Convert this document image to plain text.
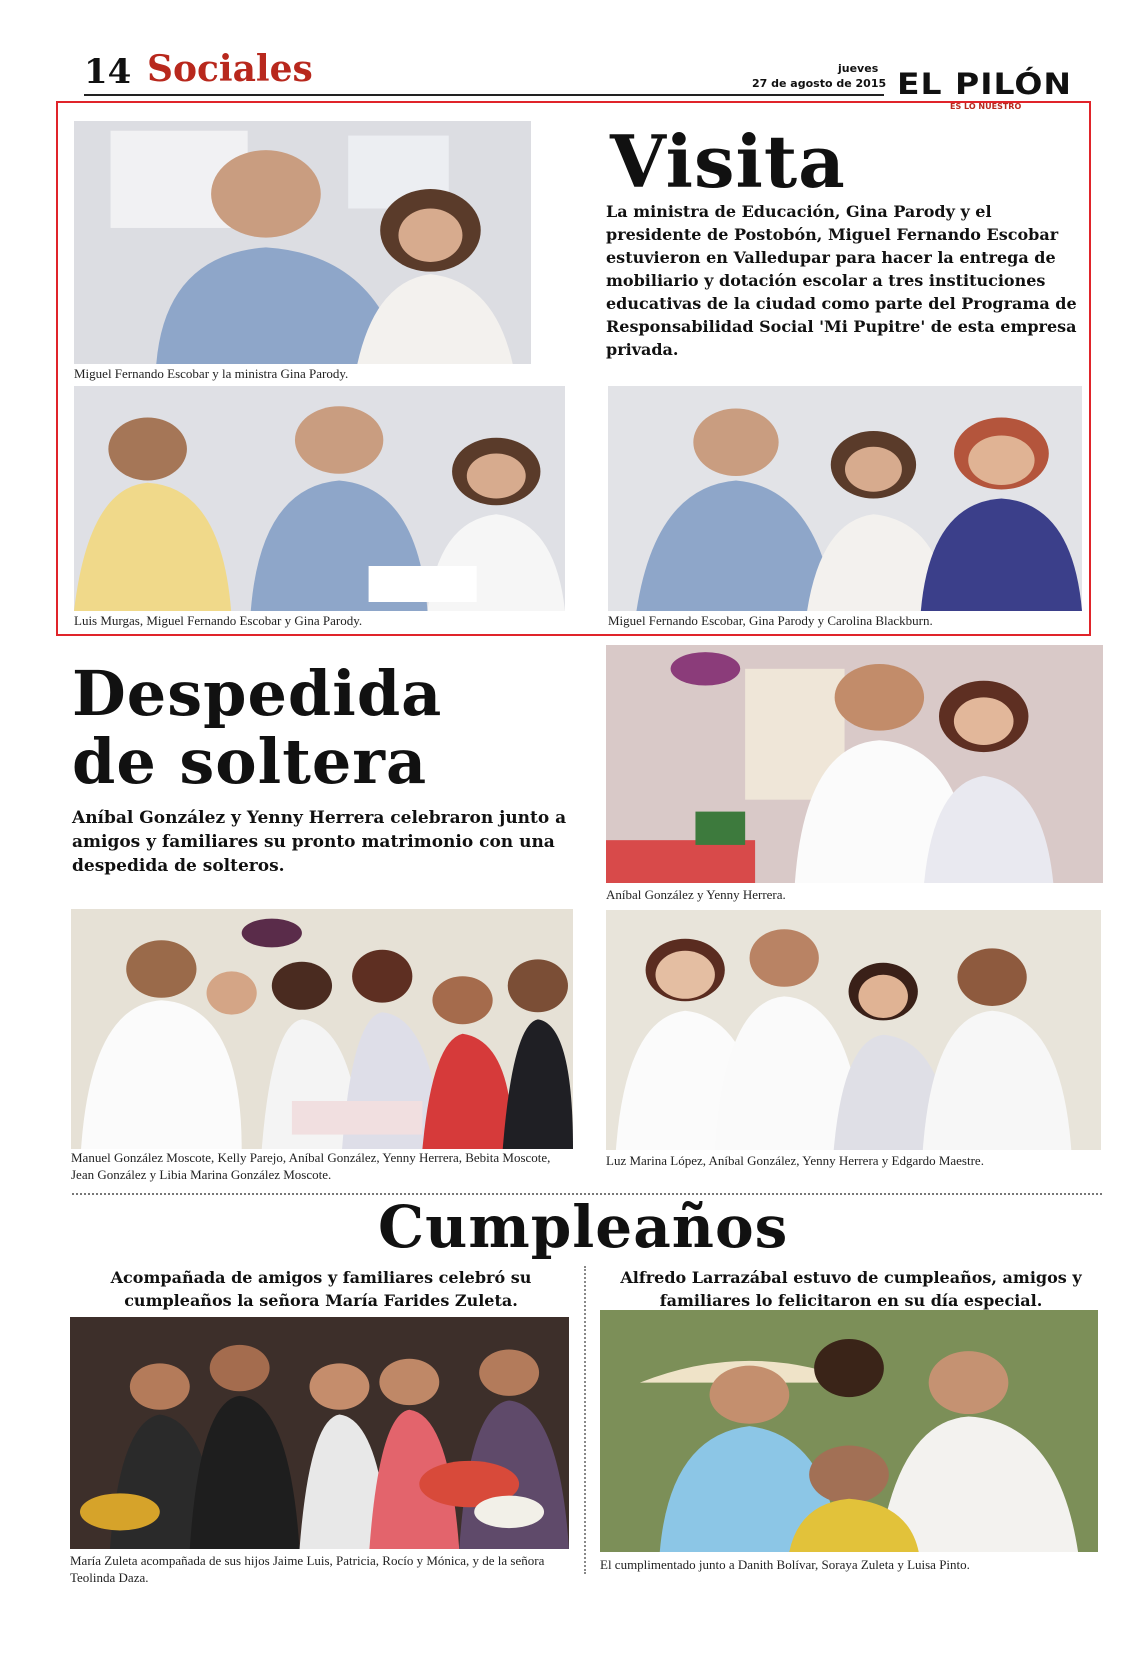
14 Sociales	jueves
27 de agosto de 2015 EL PILÓN
ES LO NUESTRO
Miguel Fernando Escobar y la ministra Gina Parody.
Visita
La ministra de Educación, Gina Parody y el presidente de Postobón, Miguel Fernando Escobar estuvieron en Valledupar para hacer la entrega de mobiliario y dotación escolar a tres instituciones educativas de la ciudad como parte del Programa de Responsabilidad Social 'Mi Pupitre' de esta empresa privada.
Luis Murgas, Miguel Fernando Escobar y Gina Parody.	Miguel Fernando Escobar, Gina Parody y Carolina Blackburn.
Despedida
de soltera
Aníbal González y Yenny Herrera celebraron junto a amigos y familiares su pronto matrimonio con una despedida de solteros.
Aníbal González y Yenny Herrera.
Manuel González Moscote, Kelly Parejo, Aníbal González, Yenny Herrera, Bebita Moscote, Jean González y Libia Marina González Moscote.
Luz Marina López, Aníbal González, Yenny Herrera y Edgardo Maestre.
Cumpleaños
Acompañada de amigos y familiares celebró su cumpleaños la señora María Farides Zuleta.
Alfredo Larrazábal estuvo de cumpleaños, amigos y familiares lo felicitaron en su día especial.
María Zuleta acompañada de sus hijos Jaime Luis, Patricia, Rocío y Mónica, y de la señora Teolinda Daza.
El cumplimentado junto a Danith Bolívar, Soraya Zuleta y Luisa Pinto.
